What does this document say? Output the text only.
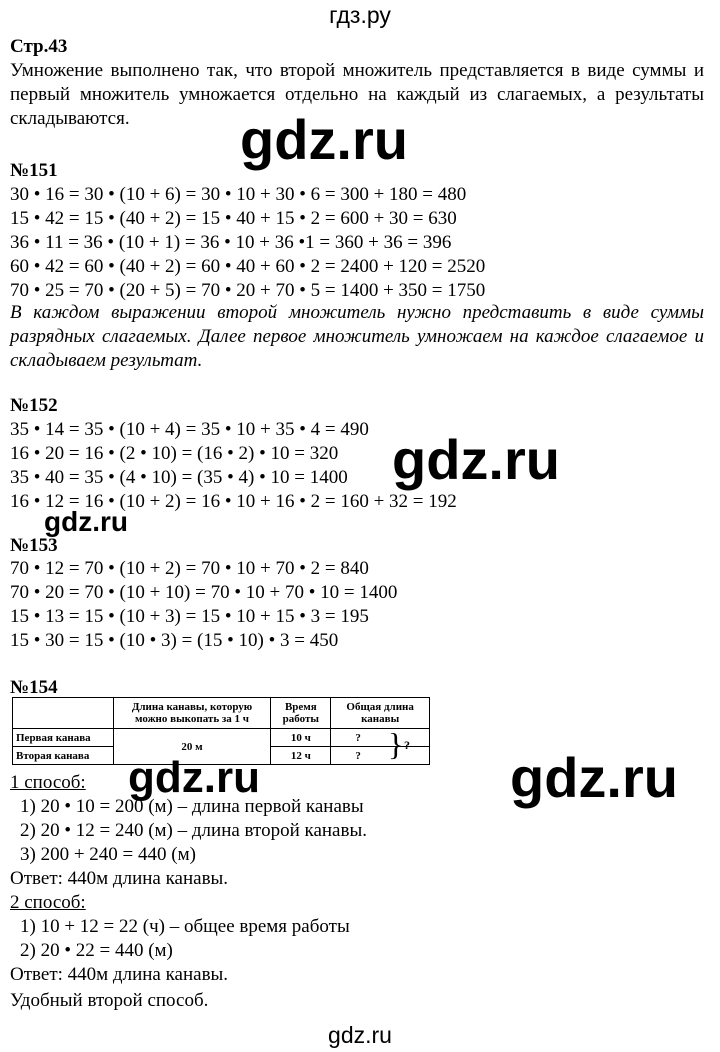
гдз.ру
Стр.43

Умножение выполнено так, что второй множитель представляется в виде суммы и первый множитель умножается отдельно на каждый из слагаемых, а результаты складываются.	gdz.ru
№151
30 • 16 = 30 • (10 + 6) = 30 • 10 + 30 • 6 = 300 + 180 = 480
15 • 42 = 15 • (40 + 2) = 15 • 40 + 15 • 2 = 600 + 30 = 630
36 • 11 = 36 • (10 + 1) = 36 • 10 + 36 •1 = 360 + 36 = 396
60 • 42 = 60 • (40 + 2) = 60 • 40 + 60 • 2 = 2400 + 120 = 2520
70 • 25 = 70 • (20 + 5) = 70 • 20 + 70 • 5 = 1400 + 350 = 1750

В каждом выражении второй множитель нужно представить в виде суммы разрядных слагаемых. Далее первое множитель умножаем на каждое слагаемое и складываем результат.

№152
35 • 14 = 35 • (10 + 4) = 35 • 10 + 35 • 4 = 490
16 • 20 = 16 • (2 • 10) = (16 • 2) • 10 = 320
35 • 40 = 35 • (4 • 10) = (35 • 4) • 10 = 1400
16 • 12 = 16 • (10 + 2) = 16 • 10 + 16 • 2 = 160 + 32 = 192
gdz.ru
gdz.ru
№153
70 • 12 = 70 • (10 + 2) = 70 • 10 + 70 • 2 = 840
70 • 20 = 70 • (10 + 10) = 70 • 10 + 70 • 10 = 1400
15 • 13 = 15 • (10 + 3) = 15 • 10 + 15 • 3 = 195
15 • 30 = 15 • (10 • 3) = (15 • 10) • 3 = 450
№154
	Длина канавы, которую можно выкопать за 1 ч	Время работы	Общая длина канавы
Первая канава	20 м	10 ч	?
Вторая канава		12 ч	? } ?
gdz.ru	gdz.ru
1 способ:
1) 20 • 10 = 200 (м) – длина первой канавы
2) 20 • 12 = 240 (м) – длина второй канавы.
3) 200 + 240 = 440 (м)
Ответ: 440м длина канавы.
2 способ:
1) 10 + 12 = 22 (ч) – общее время работы
2) 20 • 22 = 440 (м)
Ответ: 440м длина канавы.
Удобный второй способ.
gdz.ru
